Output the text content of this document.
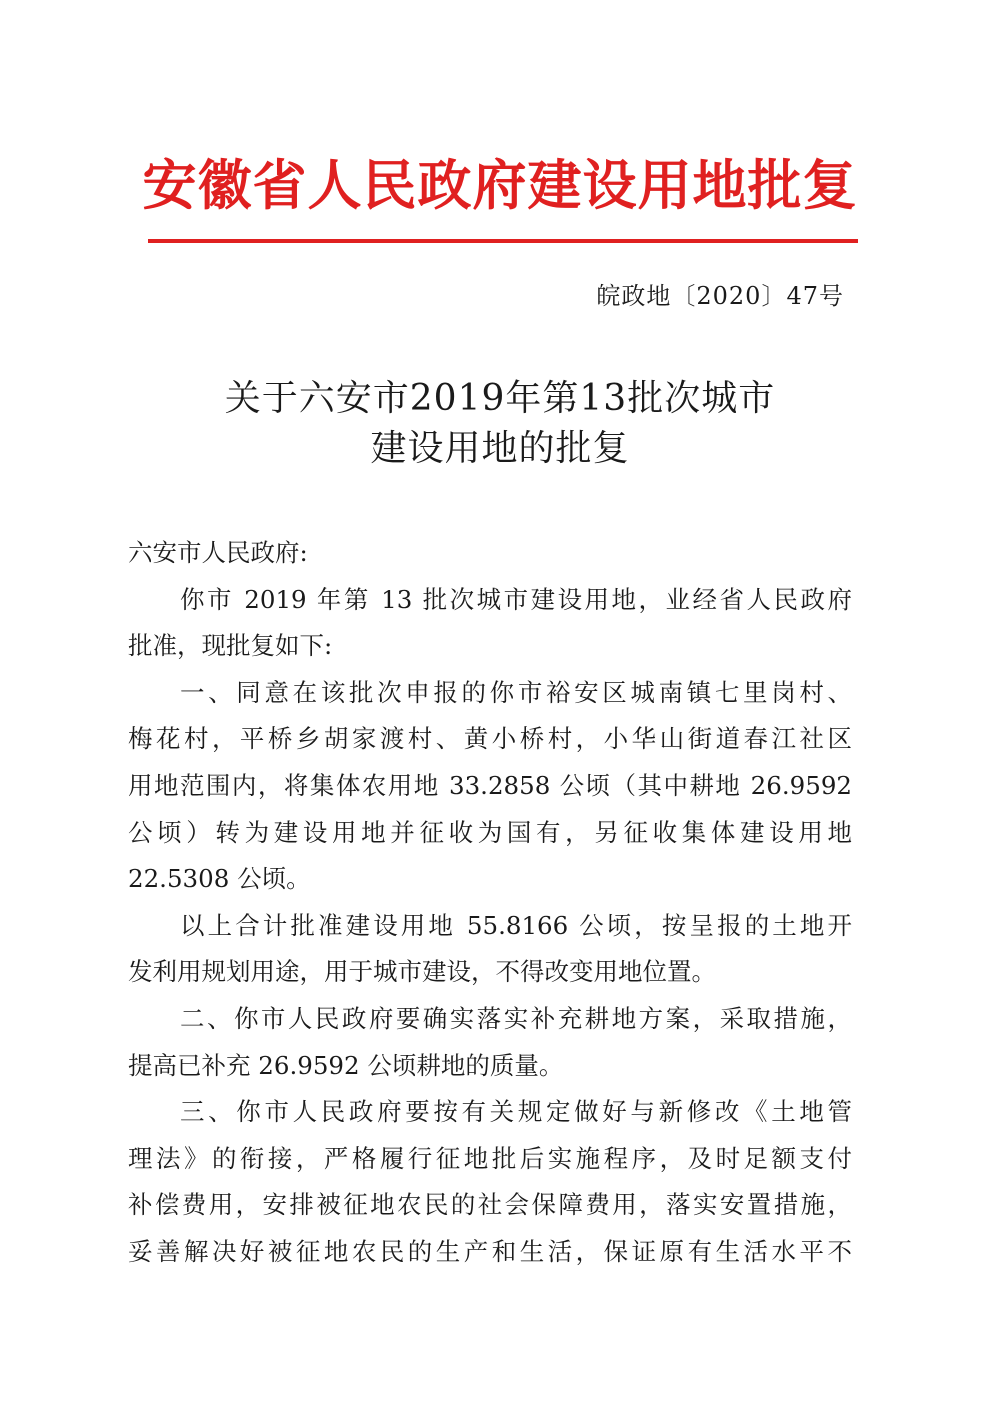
安徽省人民政府建设用地批复
皖政地〔2020〕47号
关于六安市2019年第13批次城市
建设用地的批复
六安市人民政府:
你市 2019 年第 13 批次城市建设用地，业经省人民政府
批准，现批复如下:
一、同意在该批次申报的你市裕安区城南镇七里岗村、
梅花村，平桥乡胡家渡村、黄小桥村，小华山街道春江社区
用地范围内，将集体农用地 33.2858 公顷（其中耕地 26.9592
公顷）转为建设用地并征收为国有，另征收集体建设用地
22.5308 公顷。
以上合计批准建设用地 55.8166 公顷，按呈报的土地开
发利用规划用途，用于城市建设，不得改变用地位置。
二、你市人民政府要确实落实补充耕地方案，采取措施，
提高已补充 26.9592 公顷耕地的质量。
三、你市人民政府要按有关规定做好与新修改《土地管
理法》的衔接，严格履行征地批后实施程序，及时足额支付
补偿费用，安排被征地农民的社会保障费用，落实安置措施，
妥善解决好被征地农民的生产和生活，保证原有生活水平不
